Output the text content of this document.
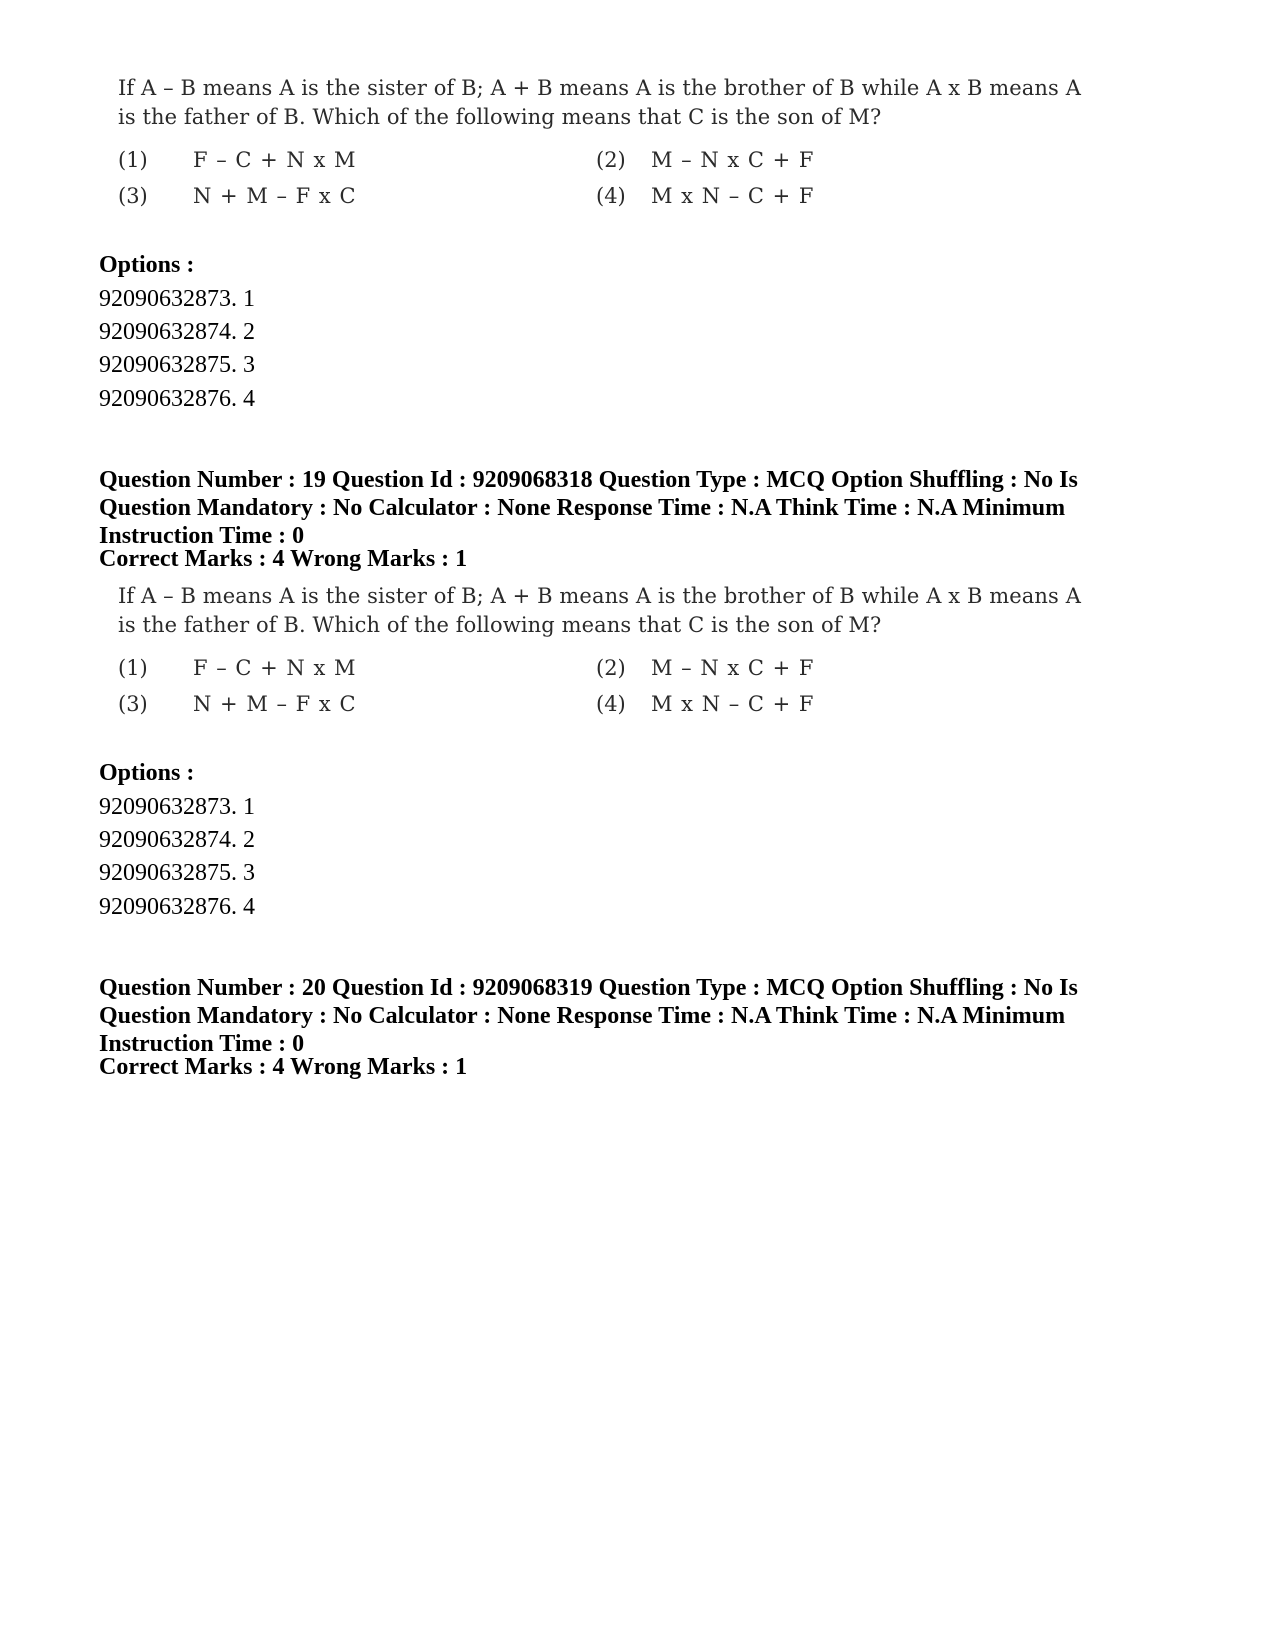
If A – B means A is the sister of B; A + B means A is the brother of B while A x B means A
is the father of B. Which of the following means that C is the son of M?
(1) F – C + N x M	(2) M – N x C + F
(3) N + M – F x C	(4) M x N – C + F
Options :
92090632873. 1
92090632874. 2
92090632875. 3
92090632876. 4
Question Number : 19 Question Id : 9209068318 Question Type : MCQ Option Shuffling : No Is
Question Mandatory : No Calculator : None Response Time : N.A Think Time : N.A Minimum
Instruction Time : 0
Correct Marks : 4 Wrong Marks : 1
If A – B means A is the sister of B; A + B means A is the brother of B while A x B means A
is the father of B. Which of the following means that C is the son of M?
(1) F – C + N x M	(2) M – N x C + F
(3) N + M – F x C	(4) M x N – C + F
Options :
92090632873. 1
92090632874. 2
92090632875. 3
92090632876. 4
Question Number : 20 Question Id : 9209068319 Question Type : MCQ Option Shuffling : No Is
Question Mandatory : No Calculator : None Response Time : N.A Think Time : N.A Minimum
Instruction Time : 0
Correct Marks : 4 Wrong Marks : 1
